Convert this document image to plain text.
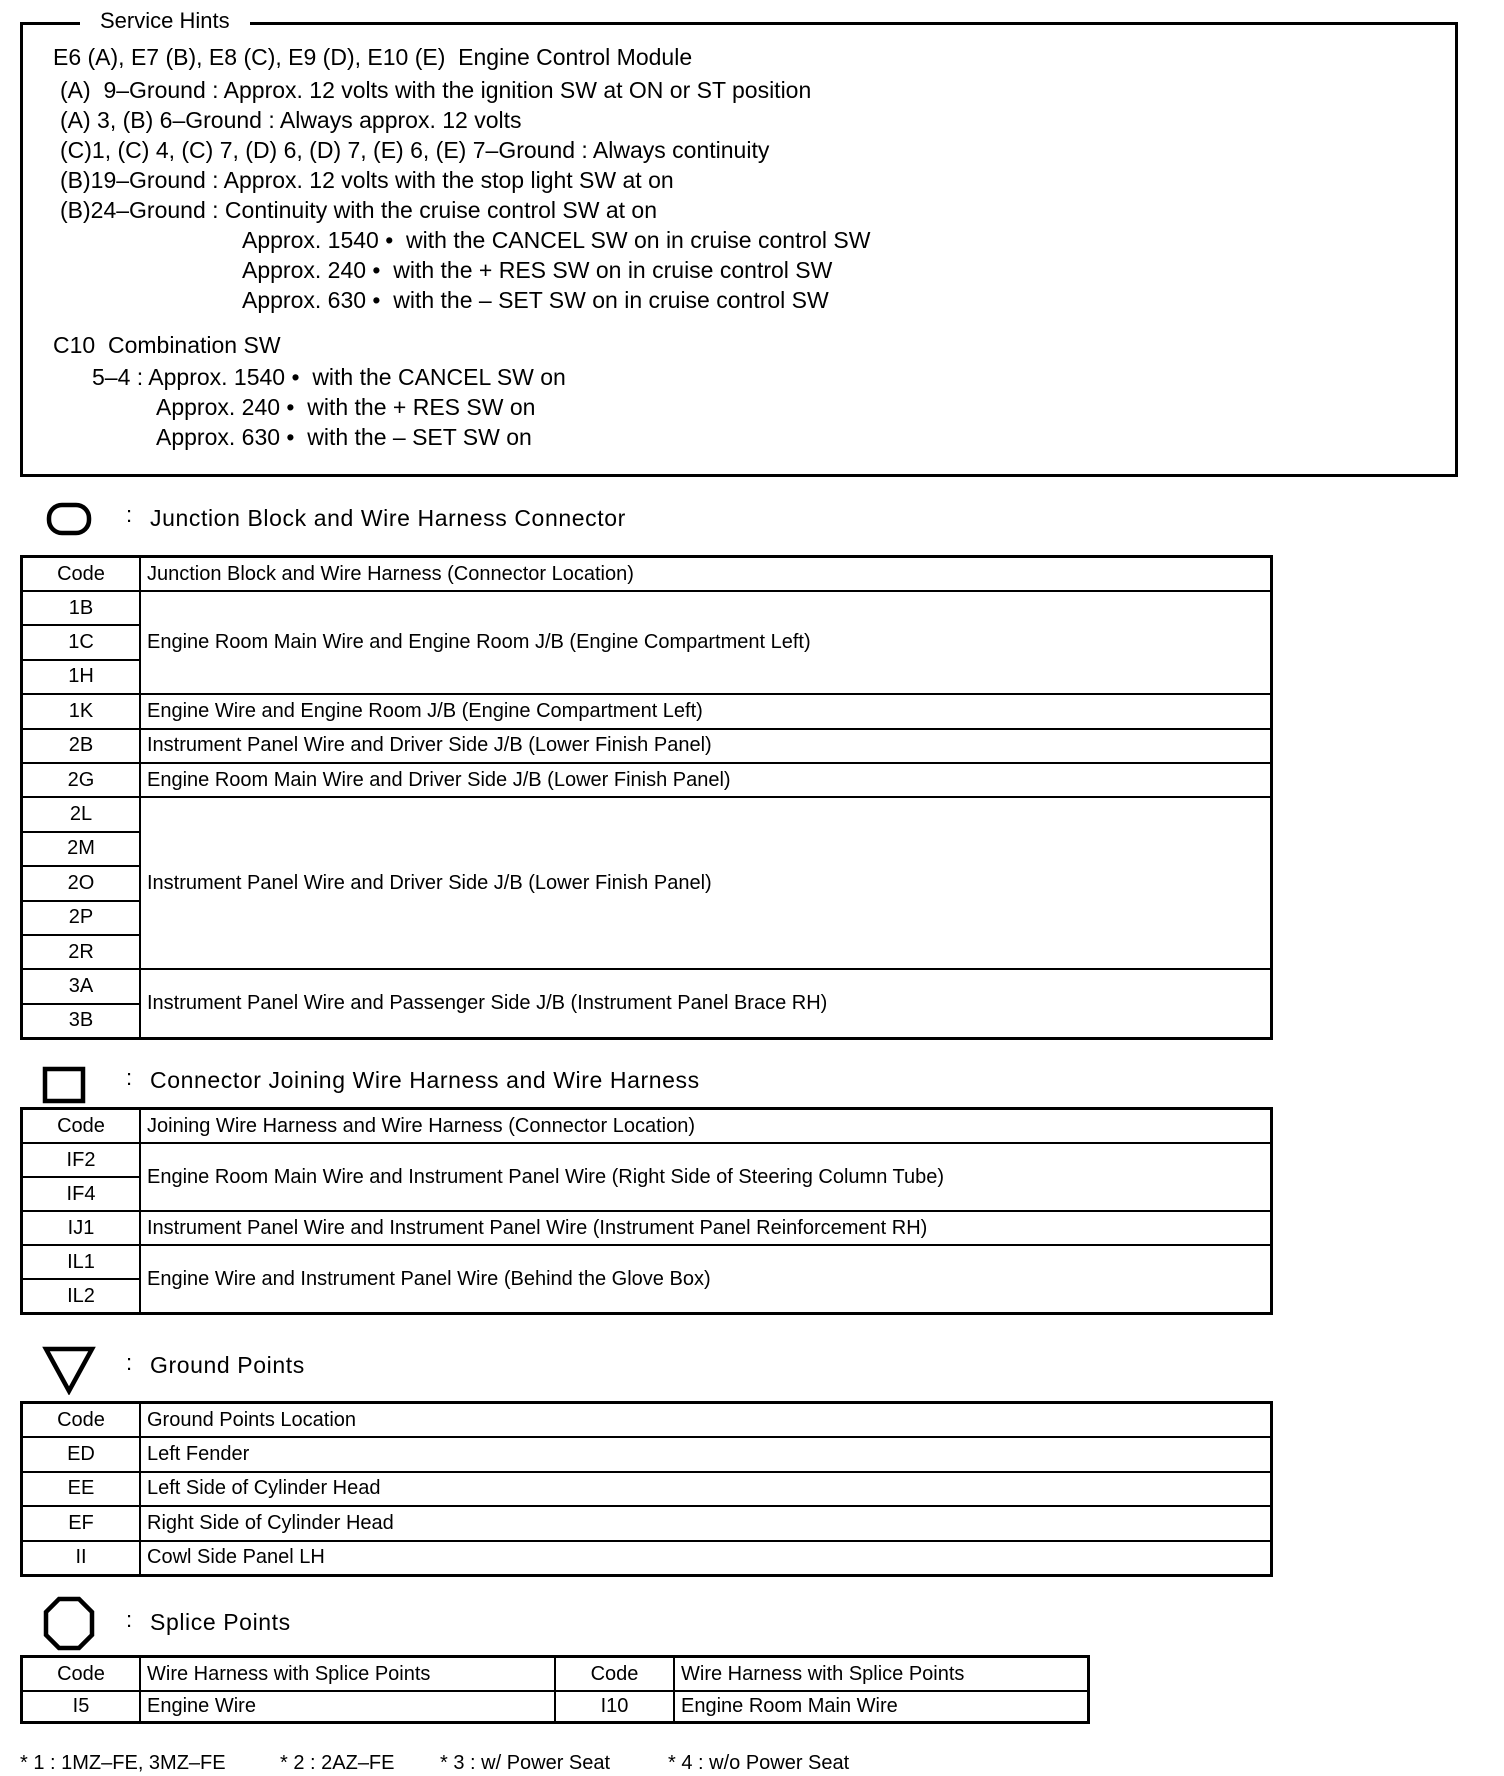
Service Hints
E6 (A), E7 (B), E8 (C), E9 (D), E10 (E)  Engine Control Module
(A)  9–Ground : Approx. 12 volts with the ignition SW at ON or ST position
(A) 3, (B) 6–Ground : Always approx. 12 volts
(C)1, (C) 4, (C) 7, (D) 6, (D) 7, (E) 6, (E) 7–Ground : Always continuity
(B)19–Ground : Approx. 12 volts with the stop light SW at on
(B)24–Ground : Continuity with the cruise control SW at on
Approx. 1540 •  with the CANCEL SW on in cruise control SW
Approx. 240 •  with the + RES SW on in cruise control SW
Approx. 630 •  with the – SET SW on in cruise control SW
C10  Combination SW
5–4 : Approx. 1540 •  with the CANCEL SW on
Approx. 240 •  with the + RES SW on
Approx. 630 •  with the – SET SW on
: Junction Block and Wire Harness Connector
Code	Junction Block and Wire Harness (Connector Location)
1B	Engine Room Main Wire and Engine Room J/B (Engine Compartment Left)
1C	
1H	
1K	Engine Wire and Engine Room J/B (Engine Compartment Left)
2B	Instrument Panel Wire and Driver Side J/B (Lower Finish Panel)
2G	Engine Room Main Wire and Driver Side J/B (Lower Finish Panel)
2L	Instrument Panel Wire and Driver Side J/B (Lower Finish Panel)
2M	
2O	
2P	
2R	
3A	Instrument Panel Wire and Passenger Side J/B (Instrument Panel Brace RH)
3B	
: Connector Joining Wire Harness and Wire Harness
Code	Joining Wire Harness and Wire Harness (Connector Location)
IF2	Engine Room Main Wire and Instrument Panel Wire (Right Side of Steering Column Tube)
IF4	
IJ1	Instrument Panel Wire and Instrument Panel Wire (Instrument Panel Reinforcement RH)
IL1	Engine Wire and Instrument Panel Wire (Behind the Glove Box)
IL2	
: Ground Points
Code	Ground Points Location
ED	Left Fender
EE	Left Side of Cylinder Head
EF	Right Side of Cylinder Head
II	Cowl Side Panel LH
: Splice Points
Code	Wire Harness with Splice Points	Code	Wire Harness with Splice Points
I5	Engine Wire	I10	Engine Room Main Wire
* 1 : 1MZ–FE, 3MZ–FE	* 2 : 2AZ–FE * 3 : w/ Power Seat	* 4 : w/o Power Seat
